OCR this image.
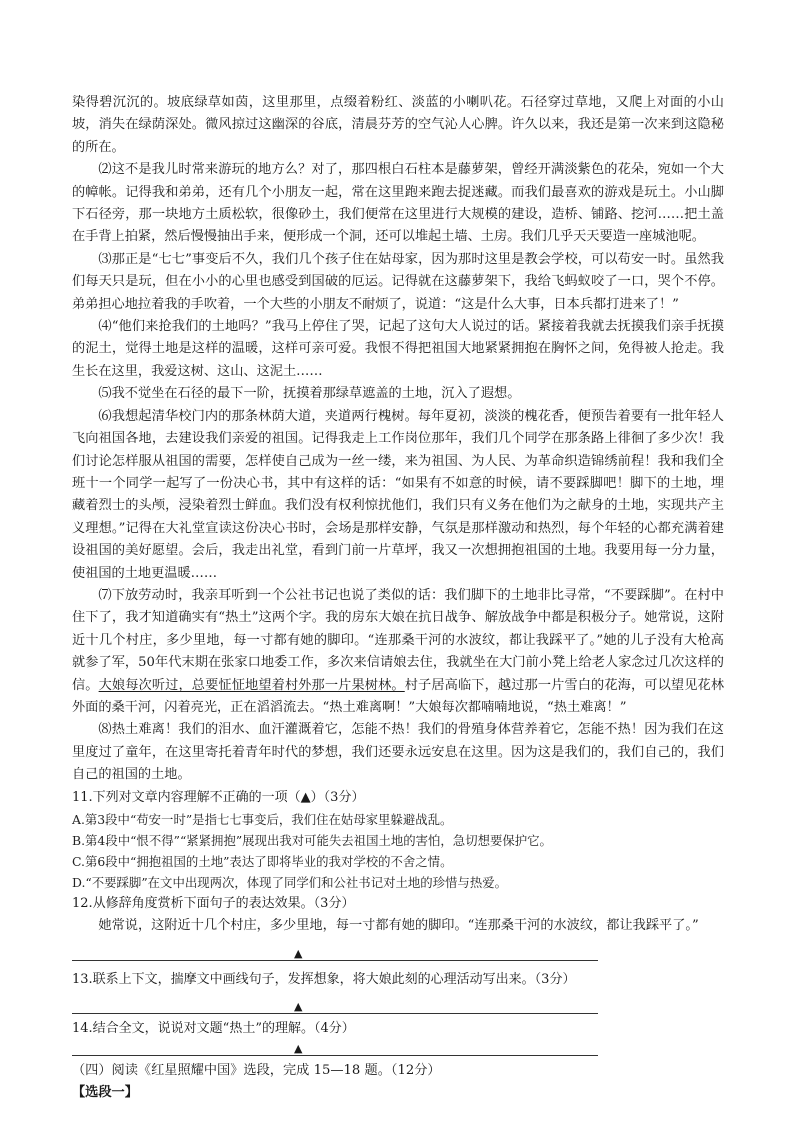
染得碧沉沉的。坡底绿草如茵，这里那里，点缀着粉红、淡蓝的小喇叭花。石径穿过草地，又爬上对面的小山坡，消失在绿荫深处。微风掠过这幽深的谷底，清晨芬芳的空气沁人心脾。许久以来，我还是第一次来到这隐秘的所在。

⑵这不是我儿时常来游玩的地方么？对了，那四根白石柱本是藤萝架，曾经开满淡紫色的花朵，宛如一个大的幛帐。记得我和弟弟，还有几个小朋友一起，常在这里跑来跑去捉迷藏。而我们最喜欢的游戏是玩土。小山脚下石径旁，那一块地方土质松软，很像砂土，我们便常在这里进行大规模的建设，造桥、铺路、挖河……把土盖在手背上拍紧，然后慢慢抽出手来，便形成一个洞，还可以堆起土墙、土房。我们几乎天天要造一座城池呢。

⑶那正是“七七”事变后不久，我们几个孩子住在姑母家，因为那时这里是教会学校，可以苟安一时。虽然我们每天只是玩，但在小小的心里也感受到国破的厄运。记得就在这藤萝架下，我给飞蚂蚁咬了一口，哭个不停。弟弟担心地拉着我的手吹着，一个大些的小朋友不耐烦了，说道：“这是什么大事，日本兵都打进来了！”

⑷“他们来抢我们的土地吗？”我马上停住了哭，记起了这句大人说过的话。紧接着我就去抚摸我们亲手抚摸的泥土，觉得土地是这样的温暖，这样可亲可爱。我恨不得把祖国大地紧紧拥抱在胸怀之间，免得被人抢走。我生长在这里，我爱这树、这山、这泥土……

⑸我不觉坐在石径的最下一阶，抚摸着那绿草遮盖的土地，沉入了遐想。

⑹我想起清华校门内的那条林荫大道，夹道两行槐树。每年夏初，淡淡的槐花香，便预告着要有一批年轻人飞向祖国各地，去建设我们亲爱的祖国。记得我走上工作岗位那年，我们几个同学在那条路上徘徊了多少次！我们讨论怎样服从祖国的需要，怎样使自己成为一丝一缕，来为祖国、为人民、为革命织造锦绣前程！我和我们全班十一个同学一起写了一份决心书，其中有这样的话：“如果有不如意的时候，请不要踩脚吧！脚下的土地，埋藏着烈士的头颅，浸染着烈士鲜血。我们没有权利惊扰他们，我们只有义务在他们为之献身的土地，实现共产主义理想。”记得在大礼堂宣读这份决心书时，会场是那样安静，气氛是那样激动和热烈，每个年轻的心都充满着建设祖国的美好愿望。会后，我走出礼堂，看到门前一片草坪，我又一次想拥抱祖国的土地。我要用每一分力量，使祖国的土地更温暖……

⑺下放劳动时，我亲耳听到一个公社书记也说了类似的话：我们脚下的土地非比寻常，“不要踩脚”。在村中住下了，我才知道确实有“热土”这两个字。我的房东大娘在抗日战争、解放战争中都是积极分子。她常说，这附近十几个村庄，多少里地，每一寸都有她的脚印。“连那桑干河的水波纹，都让我踩平了。”她的儿子没有大枪高就参了军，50年代末期在张家口地委工作，多次来信请娘去住，我就坐在大门前小凳上给老人家念过几次这样的信。大娘每次听过，总要怔怔地望着村外那一片果树林。村子居高临下，越过那一片雪白的花海，可以望见花林外面的桑干河，闪着亮光，正在滔滔流去。“热土难离啊！”大娘每次都喃喃地说，“热土难离！”

⑻热土难离！我们的泪水、血汗灌溉着它，怎能不热！我们的骨殖身体营养着它，怎能不热！因为我们在这里度过了童年，在这里寄托着青年时代的梦想，我们还要永远安息在这里。因为这是我们的，我们自己的，我们自己的祖国的土地。

11.下列对文章内容理解不正确的一项（▲）（3分）

A.第3段中“苟安一时”是指七七事变后，我们住在姑母家里躲避战乱。

B.第4段中“恨不得”“紧紧拥抱”展现出我对可能失去祖国土地的害怕，急切想要保护它。

C.第6段中“拥抱祖国的土地”表达了即将毕业的我对学校的不舍之情。

D.“不要踩脚”在文中出现两次，体现了同学们和公社书记对土地的珍惜与热爱。

12.从修辞角度赏析下面句子的表达效果。（3分）

她常说，这附近十几个村庄，多少里地，每一寸都有她的脚印。“连那桑干河的水波纹，都让我踩平了。”

▲

13.联系上下文，揣摩文中画线句子，发挥想象，将大娘此刻的心理活动写出来。（3分）

▲

14.结合全文，说说对文题“热土”的理解。（4分）

▲

（四）阅读《红星照耀中国》选段，完成 15—18 题。（12分）

【选段一】
